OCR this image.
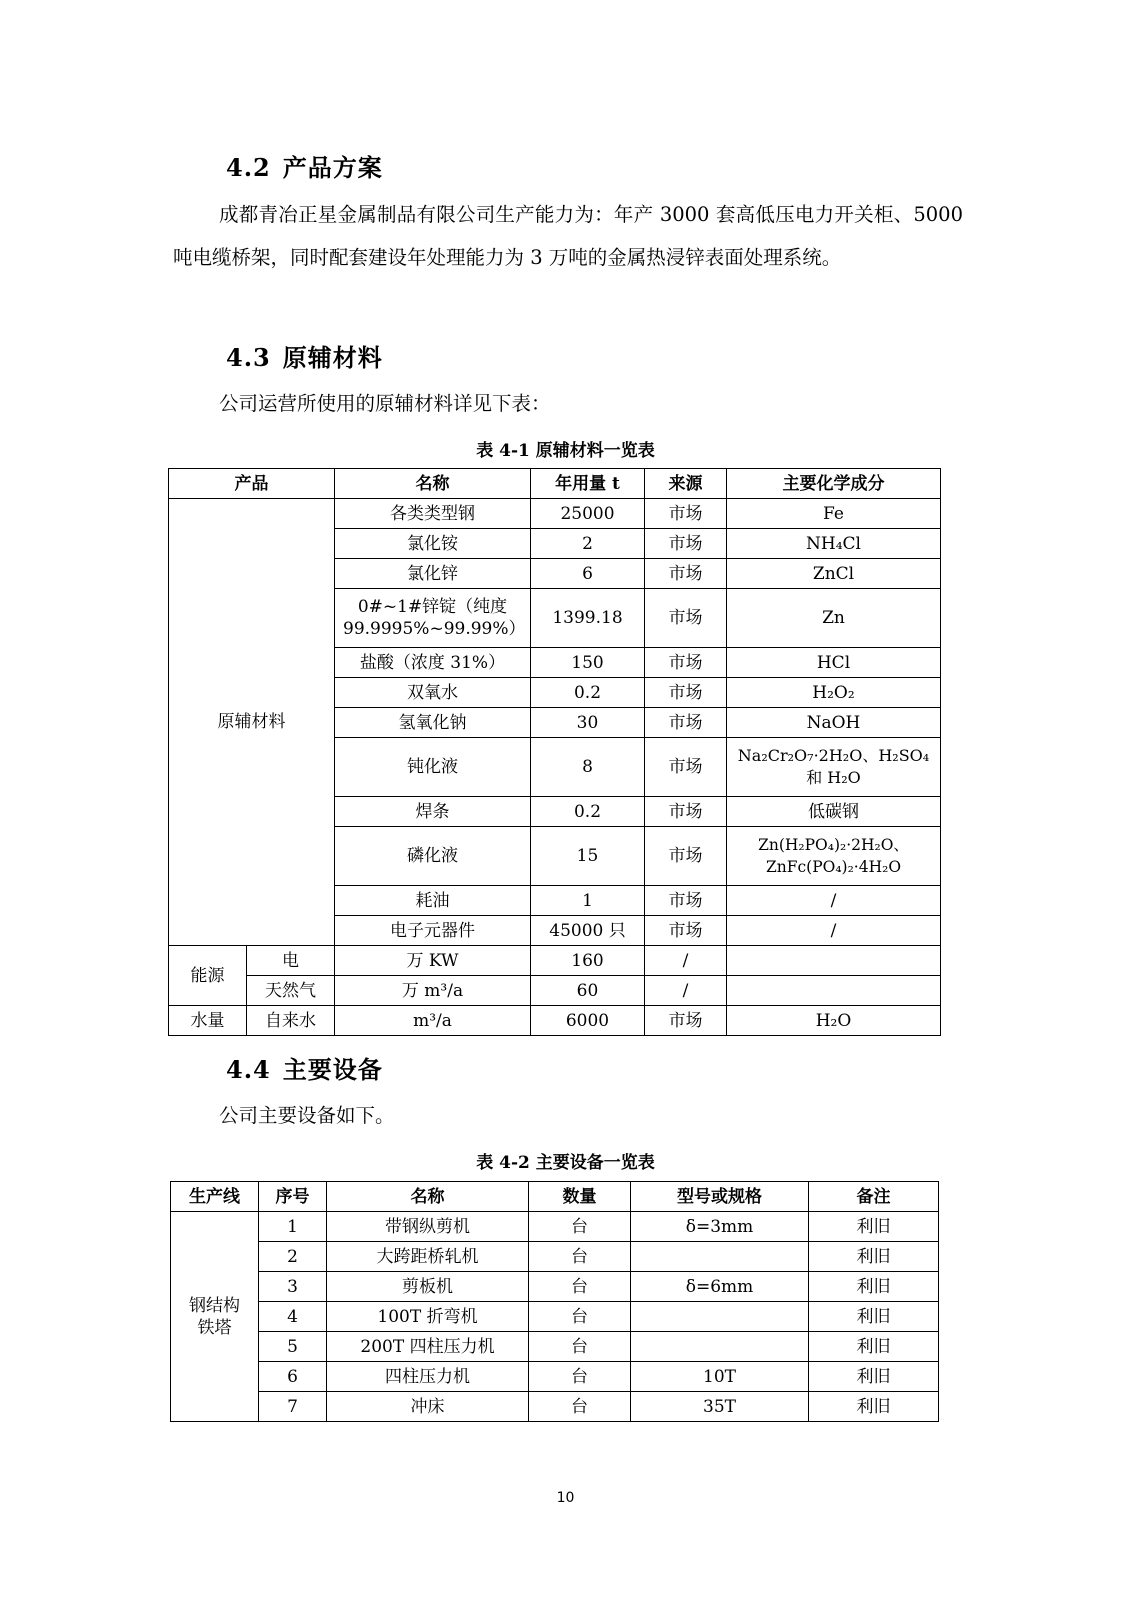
4.2 产品方案

成都青冶正星金属制品有限公司生产能力为：年产 3000 套高低压电力开关柜、5000 吨电缆桥架，同时配套建设年处理能力为 3 万吨的金属热浸锌表面处理系统。

4.3 原辅材料

公司运营所使用的原辅材料详见下表：

表 4-1 原辅材料一览表

产品		名称	年用量 t	来源	主要化学成分
原辅材料		各类类型钢	25000	市场	Fe
		氯化铵	2	市场	NH₄Cl
		氯化锌	6	市场	ZnCl
		0#~1#锌锭（纯度 99.9995%~99.99%）	1399.18	市场	Zn
		盐酸（浓度 31%）	150	市场	HCl
		双氧水	0.2	市场	H₂O₂
		氢氧化钠	30	市场	NaOH
		钝化液	8	市场	Na₂Cr₂O₇·2H₂O、H₂SO₄ 和 H₂O
		焊条	0.2	市场	低碳钢
		磷化液	15	市场	Zn(H₂PO₄)₂·2H₂O、ZnFc(PO₄)₂·4H₂O
		耗油	1	市场	/
		电子元器件	45000 只	市场	/
能源	电	万 KW	160	/	
	天然气	万 m³/a	60	/	
水量	自来水	m³/a	6000	市场	H₂O
4.4 主要设备

公司主要设备如下。

表 4-2 主要设备一览表

生产线	序号	名称	数量	型号或规格	备注
钢结构铁塔	1	带钢纵剪机	台	δ=3mm	利旧
	2	大跨距桥轧机	台		利旧
	3	剪板机	台	δ=6mm	利旧
	4	100T 折弯机	台		利旧
	5	200T 四柱压力机	台		利旧
	6	四柱压力机	台	10T	利旧
	7	冲床	台	35T	利旧
10
